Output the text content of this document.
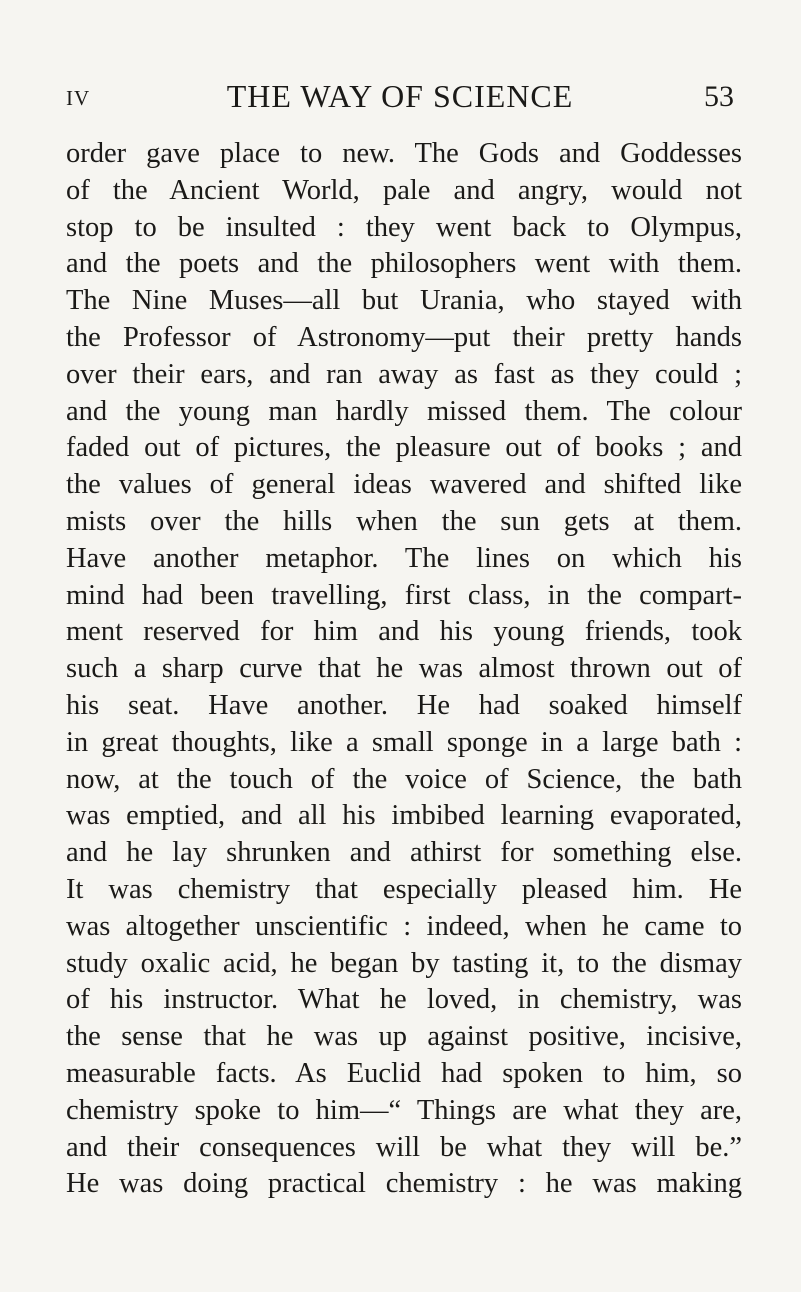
IV	THE WAY OF SCIENCE	53
order gave place to new. The Gods and Goddesses
of the Ancient World, pale and angry, would not
stop to be insulted : they went back to Olympus,
and the poets and the philosophers went with them.
The Nine Muses—all but Urania, who stayed with
the Professor of Astronomy—put their pretty hands
over their ears, and ran away as fast as they could ;
and the young man hardly missed them. The colour
faded out of pictures, the pleasure out of books ; and
the values of general ideas wavered and shifted like
mists over the hills when the sun gets at them.
Have another metaphor. The lines on which his
mind had been travelling, first class, in the compart-
ment reserved for him and his young friends, took
such a sharp curve that he was almost thrown out of
his seat. Have another. He had soaked himself
in great thoughts, like a small sponge in a large bath :
now, at the touch of the voice of Science, the bath
was emptied, and all his imbibed learning evaporated,
and he lay shrunken and athirst for something else.
It was chemistry that especially pleased him. He
was altogether unscientific : indeed, when he came to
study oxalic acid, he began by tasting it, to the dismay
of his instructor. What he loved, in chemistry, was
the sense that he was up against positive, incisive,
measurable facts. As Euclid had spoken to him, so
chemistry spoke to him—“ Things are what they are,
and their consequences will be what they will be.”
He was doing practical chemistry : he was making
